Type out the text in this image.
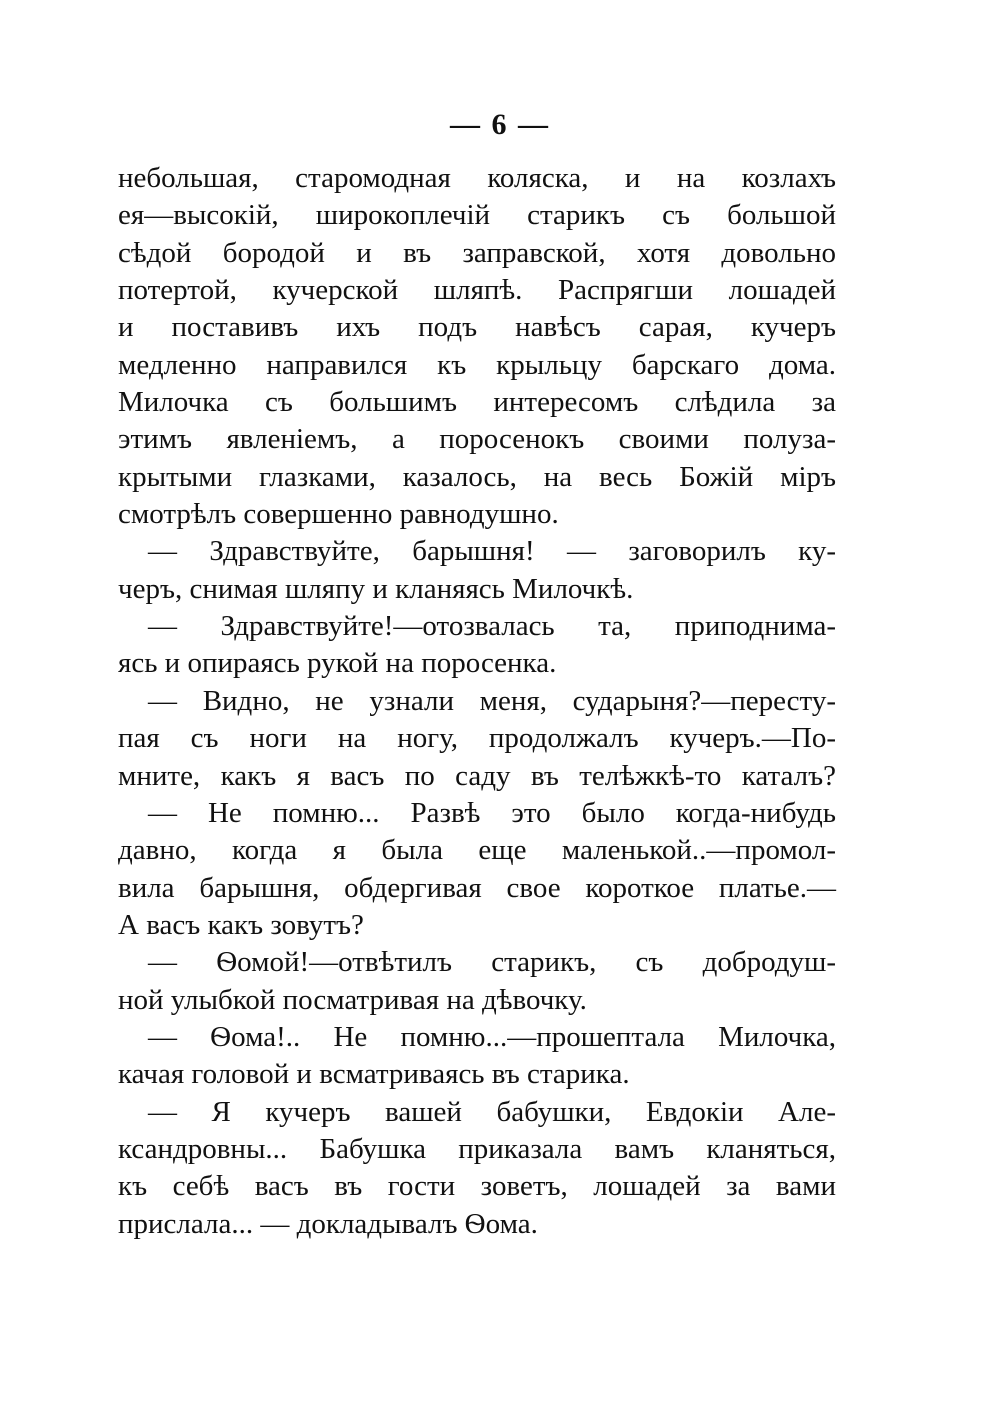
— 6 —
небольшая, старомодная коляска, и на козлахъ
ея—высокій, широкоплечій старикъ съ большой
сѣдой бородой и въ заправской, хотя довольно
потертой, кучерской шляпѣ. Распрягши лошадей
и поставивъ ихъ подъ навѣсъ сарая, кучеръ
медленно направился къ крыльцу барскаго дома.
Милочка съ большимъ интересомъ слѣдила за
этимъ явленіемъ, а поросенокъ своими полуза-
крытыми глазками, казалось, на весь Божій міръ
смотрѣлъ совершенно равнодушно.
— Здравствуйте, барышня! — заговорилъ ку-
черъ, снимая шляпу и кланяясь Милочкѣ.
— Здравствуйте!—отозвалась та, приподнима-
ясь и опираясь рукой на поросенка.
— Видно, не узнали меня, сударыня?—пересту-
пая съ ноги на ногу, продолжалъ кучеръ.—По-
мните, какъ я васъ по саду въ телѣжкѣ-то каталъ?
— Не помню... Развѣ это было когда-нибудь
давно, когда я была еще маленькой..—промол-
вила барышня, обдергивая свое короткое платье.—
А васъ какъ зовутъ?
— Ѳомой!—отвѣтилъ старикъ, съ добродуш-
ной улыбкой посматривая на дѣвочку.
— Ѳома!.. Не помню...—прошептала Милочка,
качая головой и всматриваясь въ старика.
— Я кучеръ вашей бабушки, Евдокіи Але-
ксандровны... Бабушка приказала вамъ кланяться,
къ себѣ васъ въ гости зоветъ, лошадей за вами
прислала... — докладывалъ Ѳома.
